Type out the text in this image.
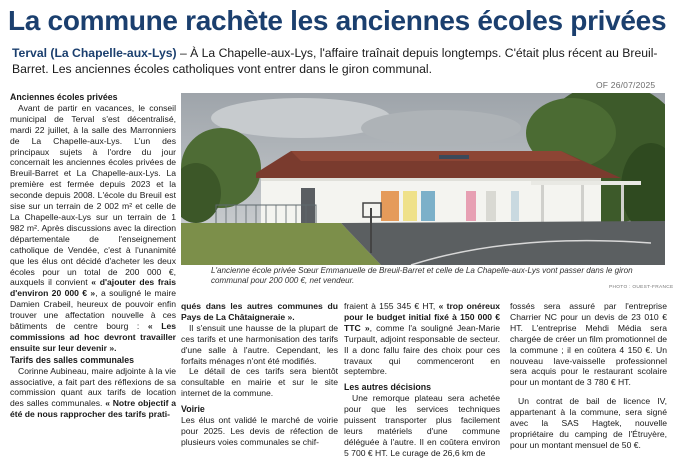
La commune rachète les anciennes écoles privées
Terval (La Chapelle-aux-Lys) – À La Chapelle-aux-Lys, l'affaire traînait depuis longtemps. C'était plus récent au Breuil-Barret. Les anciennes écoles catholiques vont entrer dans le giron communal.
OF 26/07/2025

Anciennes écoles privées

Avant de partir en vacances, le conseil municipal de Terval s'est décentralisé, mardi 22 juillet, à la salle des Marronniers de La Chapelle-aux-Lys. L'un des principaux sujets à l'ordre du jour concernait les anciennes écoles privées de Breuil-Barret et La Chapelle-aux-Lys. La première est fermée depuis 2023 et la seconde depuis 2008. L'école du Breuil est sise sur un terrain de 2 002 m² et celle de La Chapelle-aux-Lys sur un terrain de 1 982 m². Après discussions avec la direction départementale de l'enseignement catholique de Vendée, c'est à l'unanimité que les élus ont décidé d'acheter les deux écoles pour un total de 200 000 €, auxquels il convient « d'ajouter des frais d'environ 20 000 € », a souligné le maire Damien Crabeil, heureux de pouvoir enfin trouver une affectation nouvelle à ces bâtiments de centre bourg : « Les commissions ad hoc devront travailler ensuite sur leur devenir ».

Tarifs des salles communales

Corinne Aubineau, maire adjointe à la vie associative, a fait part des réflexions de sa commission quant aux tarifs de location des salles communales. « Notre objectif a été de nous rapprocher des tarifs prati-

L'ancienne école privée Sœur Emmanuelle de Breuil-Barret et celle de La Chapelle-aux-Lys vont passer dans le giron communal pour 200 000 €, net vendeur.
PHOTO : OUEST-FRANCE

qués dans les autres communes du Pays de La Châtaigneraie ».

Il s'ensuit une hausse de la plupart de ces tarifs et une harmonisation des tarifs d'une salle à l'autre. Cependant, les forfaits ménages n'ont été modifiés.

Le détail de ces tarifs sera bientôt consultable en mairie et sur le site internet de la commune.

Voirie

Les élus ont validé le marché de voirie pour 2025. Les devis de réfection de plusieurs voies communales se chif-

fraient à 155 345 € HT, « trop onéreux pour le budget initial fixé à 150 000 € TTC », comme l'a souligné Jean-Marie Turpault, adjoint responsable de secteur. Il a donc fallu faire des choix pour ces travaux qui commenceront en septembre.

Les autres décisions

Une remorque plateau sera achetée pour que les services techniques puissent transporter plus facilement leurs matériels d'une commune déléguée à l'autre. Il en coûtera environ 5 700 € HT. Le curage de 26,6 km de

fossés sera assuré par l'entreprise Charrier NC pour un devis de 23 010 € HT. L'entreprise Mehdi Média sera chargée de créer un film promotionnel de la commune ; il en coûtera 4 150 €. Un nouveau lave-vaisselle professionnel sera acquis pour le restaurant scolaire pour un montant de 3 780 € HT.

Un contrat de bail de licence IV, appartenant à la commune, sera signé avec la SAS Hagtek, nouvelle propriétaire du camping de l'Étruyère, pour un montant mensuel de 50 €.
